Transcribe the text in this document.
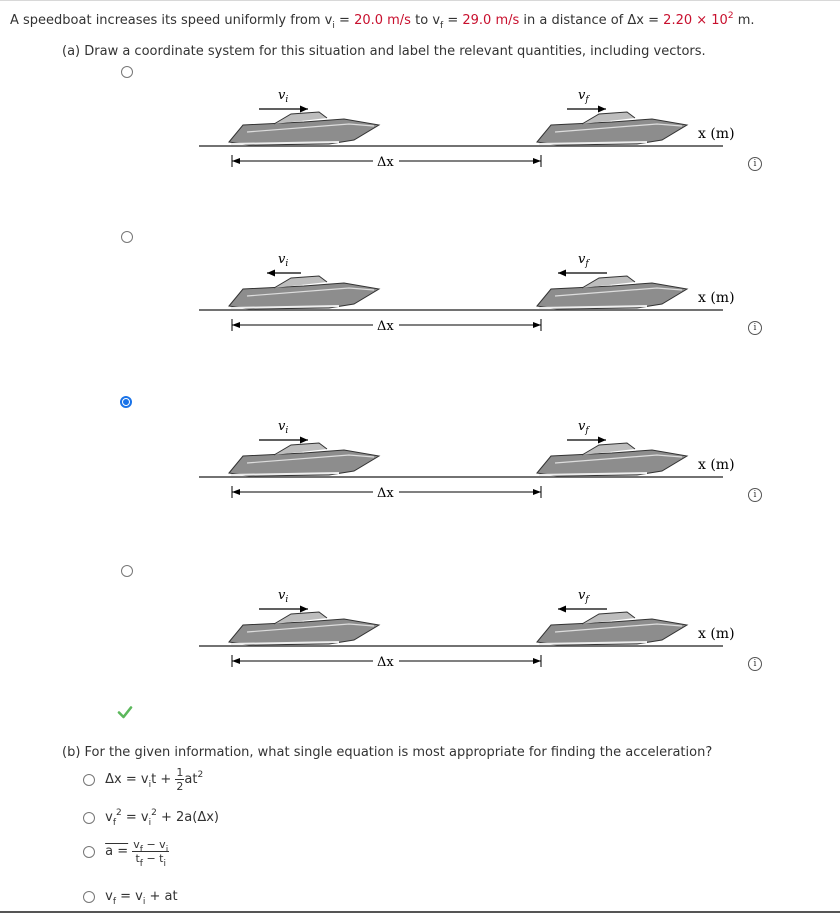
A speedboat increases its speed uniformly from $v_i = 20.0$ m/s to $v_f = 29.0$ m/s in a distance of $\Delta x = 2.20 \times 10^2$ m.
(a) Draw a coordinate system for this situation and label the relevant quantities, including vectors.
$v_i$	$v_f$
x (m)
Δx
$v_i$	$v_f$
x (m)
Δx
$v_i$	$v_f$
x (m)
Δx
$v_i$	$v_f$
x (m)
Δx
i
i
i
i
(b) For the given information, what single equation is most appropriate for finding the acceleration?
$\Delta x = v_it + \frac{1}{2} at^2$
$v_f^2 = v_i^2 + 2a(\Delta x)$
$a = \frac{v_f - v_i}{t_f - t_i}$
$v_f = v_i$ + at
